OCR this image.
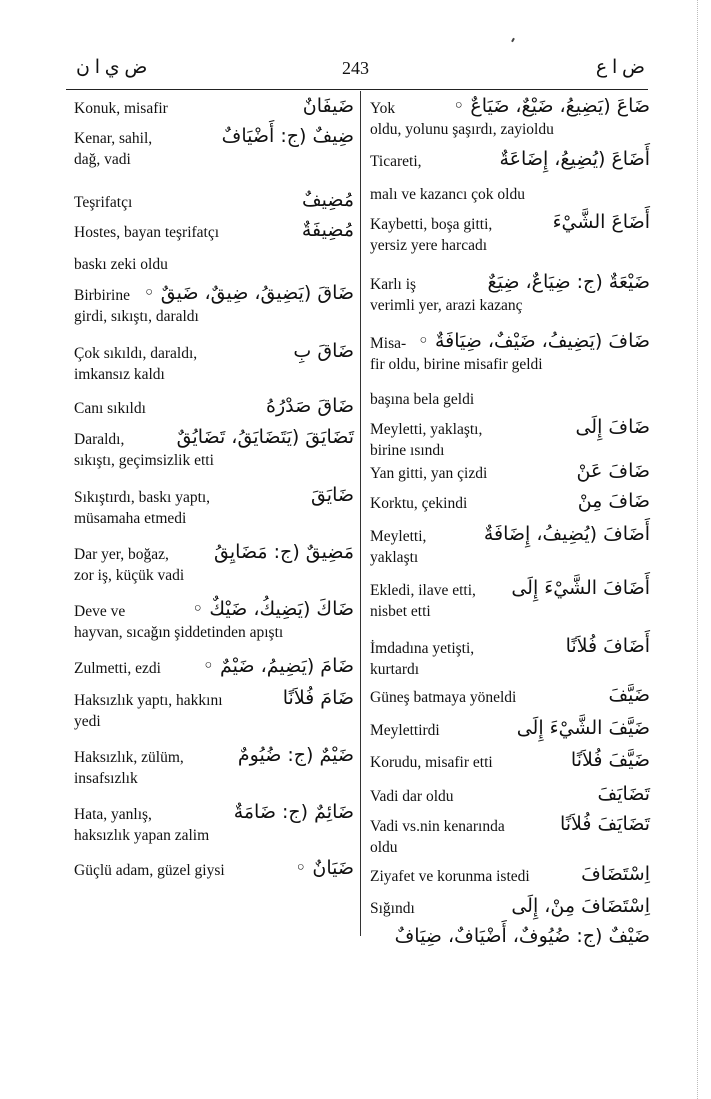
ض ي ا ن	243	ض ا ع
Konuk, misafir	ضَيفَانٌ
Kenar, sahil,	ضِيفٌ (ج: أَضْيَافٌ
dağ, vadi
Teşrifatçı	مُضِيفٌ
Hostes, bayan teşrifatçı	مُضِيفَةٌ
baskı zeki oldu
Birbirine ضَاقَ (يَضِيقُ، ضِيقٌ، ضَيقٌ ◦
girdi, sıkıştı, daraldı
Çok sıkıldı, daraldı,	ضَاقَ بِ
imkansız kaldı
Canı sıkıldı	ضَاقَ صَدْرُهُ
Daraldı,	تَضَايَقَ (يَتَضَايَقُ، تَضَايُقٌ
sıkıştı, geçimsizlik etti
Sıkıştırdı, baskı yaptı,	ضَايَقَ
müsamaha etmedi
Dar yer, boğaz, مَضِيقٌ (ج: مَضَايِقُ
zor iş, küçük vadi
Deve ve	ضَاكَ (يَضِيكُ، ضَيْكٌ ◦
hayvan, sıcağın şiddetinden apıştı
Zulmetti, ezdi ضَامَ (يَضِيمُ، ضَيْمٌ ◦
Haksızlık yaptı, hakkını	ضَامَ فُلاَنًا
yedi
Haksızlık, zülüm,	ضَيْمٌ (ج: ضُيُومٌ
insafsızlık
Hata, yanlış,	ضَائِمٌ (ج: ضَامَةٌ
haksızlık yapan zalim
Güçlü adam, güzel giysi	ضَيَانٌ ◦
Yok	ضَاعَ (يَضِيعُ، ضَيْعٌ، ضَيَاعٌ ◦
oldu, yolunu şaşırdı, zayioldu
Ticareti,	أَضَاعَ (يُضِيعُ، إِضَاعَةٌ
malı ve kazancı çok oldu
Kaybetti, boşa gitti,	أَضَاعَ الشَّيْءَ
yersiz yere harcadı
Karlı iş	ضَيْعَةٌ (ج: ضِيَاعٌ، ضِيَعٌ
verimli yer, arazi kazanç
Misa- ضَافَ (يَضِيفُ، ضَيْفٌ، ضِيَافَةٌ ◦
fir oldu, birine misafir geldi
başına bela geldi
Meyletti, yaklaştı,	ضَافَ إِلَى
birine ısındı
Yan gitti, yan çizdi	ضَافَ عَنْ
Korktu, çekindi	ضَافَ مِنْ
Meyletti,	أَضَافَ (يُضِيفُ، إِضَافَةٌ
yaklaştı
Ekledi, ilave etti, أَضَافَ الشَّيْءَ إِلَى
nisbet etti
İmdadına yetişti,	أَضَافَ فُلاَنًا
kurtardı
Güneş batmaya yöneldi	ضَيَّفَ
Meylettirdi	ضَيَّفَ الشَّيْءَ إِلَى
Korudu, misafir etti	ضَيَّفَ فُلاَنًا
Vadi dar oldu	تَضَايَفَ
Vadi vs.nin kenarında	تَضَايَفَ فُلاَنًا
oldu
Ziyafet ve korunma istedi	اِسْتَضَافَ
Sığındı	اِسْتَضَافَ مِنْ، إِلَى
ضَيْفٌ (ج: ضُيُوفٌ، أَضْيَافٌ، ضِيَافٌ
